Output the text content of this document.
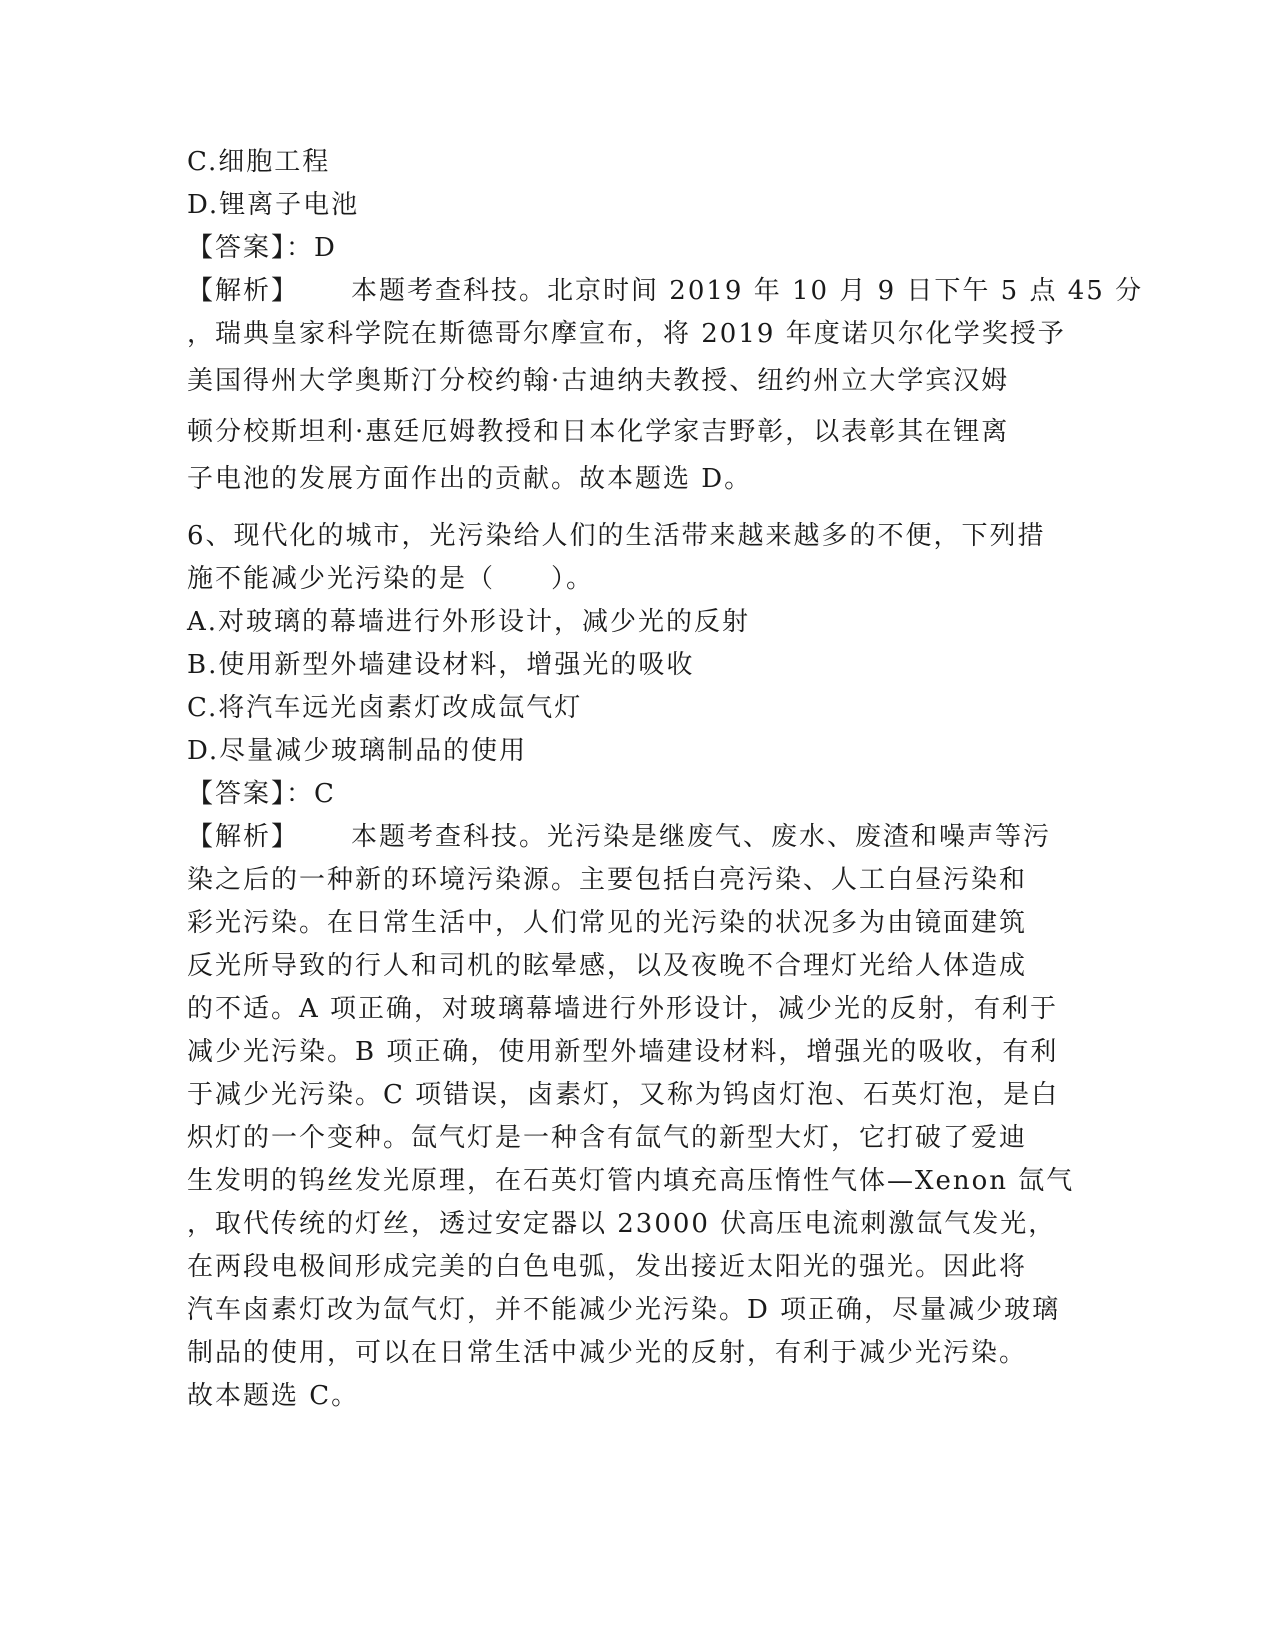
C.细胞工程
D.锂离子电池
【答案】：D
【解析】 本题考查科技。北京时间 2019 年 10 月 9 日下午 5 点 45 分
，瑞典皇家科学院在斯德哥尔摩宣布，将 2019 年度诺贝尔化学奖授予
美国得州大学奥斯汀分校约翰·古迪纳夫教授、纽约州立大学宾汉姆
顿分校斯坦利·惠廷厄姆教授和日本化学家吉野彰，以表彰其在锂离
子电池的发展方面作出的贡献。故本题选 D。
6、现代化的城市，光污染给人们的生活带来越来越多的不便，下列措
施不能减少光污染的是（　　）。
A.对玻璃的幕墙进行外形设计，减少光的反射
B.使用新型外墙建设材料，增强光的吸收
C.将汽车远光卤素灯改成氙气灯
D.尽量减少玻璃制品的使用
【答案】：C
【解析】 本题考查科技。光污染是继废气、废水、废渣和噪声等污
染之后的一种新的环境污染源。主要包括白亮污染、人工白昼污染和
彩光污染。在日常生活中，人们常见的光污染的状况多为由镜面建筑
反光所导致的行人和司机的眩晕感，以及夜晚不合理灯光给人体造成
的不适。A 项正确，对玻璃幕墙进行外形设计，减少光的反射，有利于
减少光污染。B 项正确，使用新型外墙建设材料，增强光的吸收，有利
于减少光污染。C 项错误，卤素灯，又称为钨卤灯泡、石英灯泡，是白
炽灯的一个变种。氙气灯是一种含有氙气的新型大灯，它打破了爱迪
生发明的钨丝发光原理，在石英灯管内填充高压惰性气体—Xenon 氙气
，取代传统的灯丝，透过安定器以 23000 伏高压电流刺激氙气发光，
在两段电极间形成完美的白色电弧，发出接近太阳光的强光。因此将
汽车卤素灯改为氙气灯，并不能减少光污染。D 项正确，尽量减少玻璃
制品的使用，可以在日常生活中减少光的反射，有利于减少光污染。
故本题选 C。
